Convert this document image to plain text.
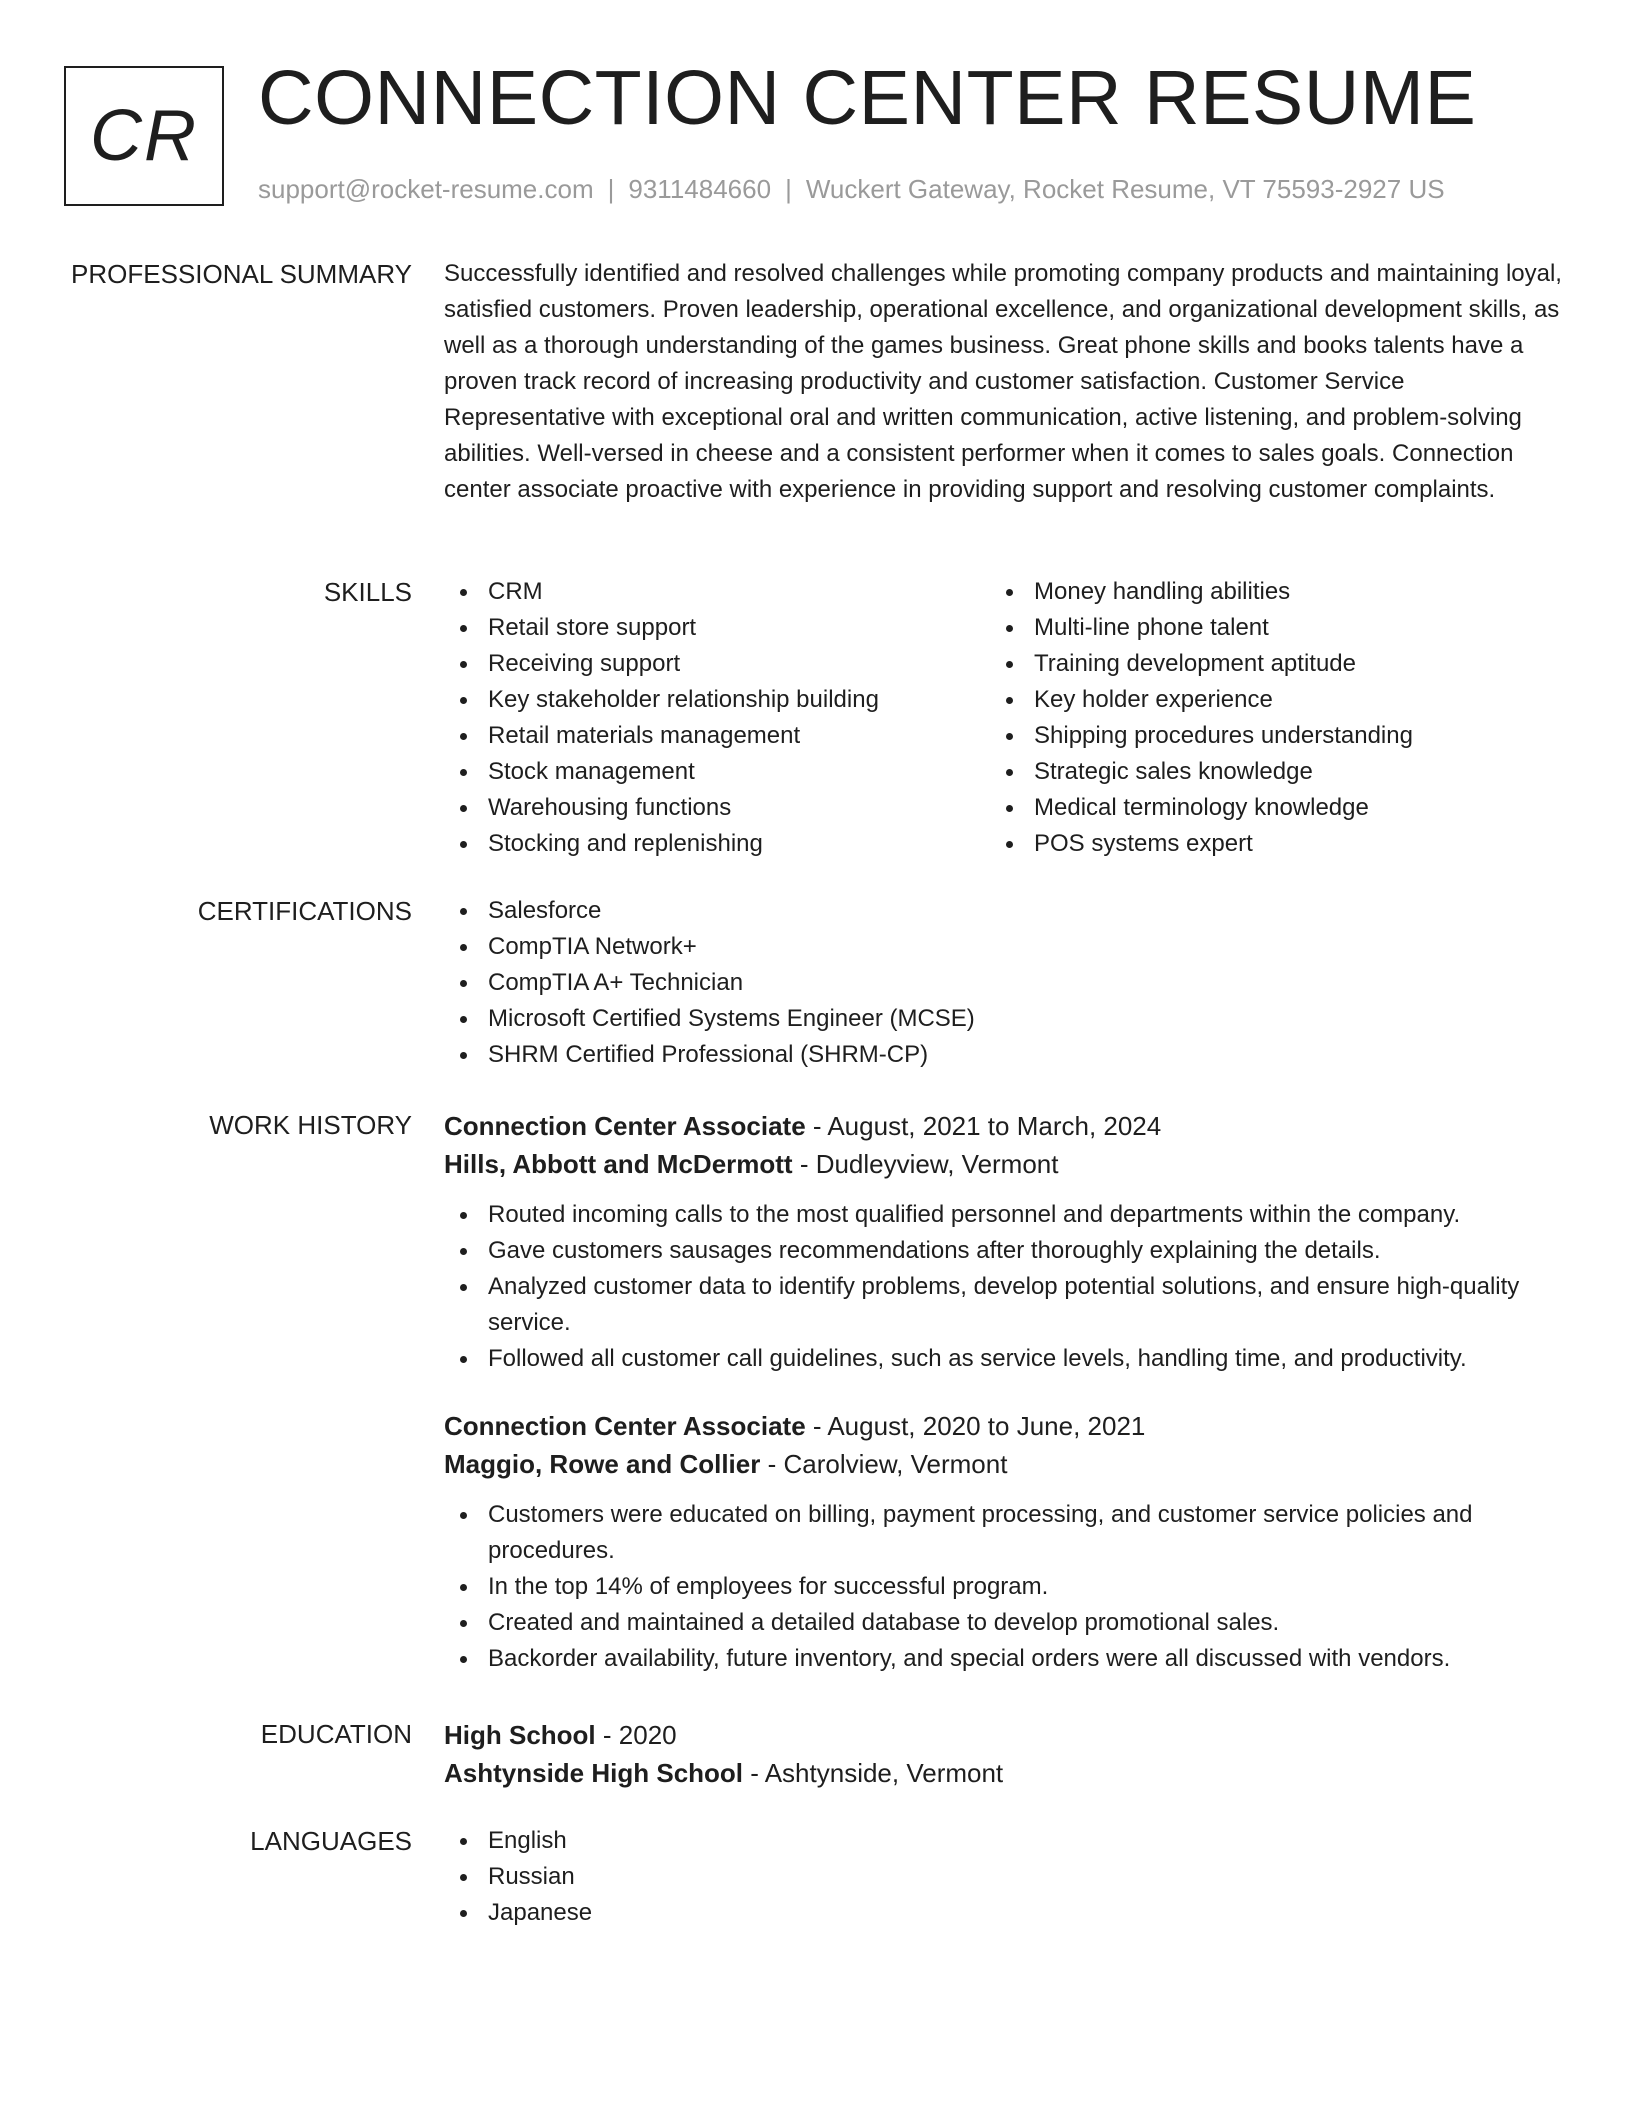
CR CONNECTION CENTER RESUME
support@rocket-resume.com | 9311484660 | Wuckert Gateway, Rocket Resume, VT 75593-2927 US
PROFESSIONAL SUMMARY Successfully identified and resolved challenges while promoting company products and maintaining loyal, satisfied customers. Proven leadership, operational excellence, and organizational development skills, as well as a thorough understanding of the games business. Great phone skills and books talents have a proven track record of increasing productivity and customer satisfaction. Customer Service Representative with exceptional oral and written communication, active listening, and problem-solving abilities. Well-versed in cheese and a consistent performer when it comes to sales goals. Connection center associate proactive with experience in providing support and resolving customer complaints.

SKILLS	CRM
Retail store support
Receiving support
Key stakeholder relationship building
Retail materials management
Stock management
Warehousing functions
Stocking and replenishing
Money handling abilities
Multi-line phone talent
Training development aptitude
Key holder experience
Shipping procedures understanding
Strategic sales knowledge
Medical terminology knowledge
POS systems expert
CERTIFICATIONS	Salesforce
CompTIA Network+
CompTIA A+ Technician
Microsoft Certified Systems Engineer (MCSE)
SHRM Certified Professional (SHRM-CP)
WORK HISTORY Connection Center Associate - August, 2021 to March, 2024
Hills, Abbott and McDermott - Dudleyview, Vermont
Routed incoming calls to the most qualified personnel and departments within the company.
Gave customers sausages recommendations after thoroughly explaining the details.
Analyzed customer data to identify problems, develop potential solutions, and ensure high-quality service.
Followed all customer call guidelines, such as service levels, handling time, and productivity.
Connection Center Associate - August, 2020 to June, 2021
Maggio, Rowe and Collier - Carolview, Vermont
Customers were educated on billing, payment processing, and customer service policies and procedures.
In the top 14% of employees for successful program.
Created and maintained a detailed database to develop promotional sales.
Backorder availability, future inventory, and special orders were all discussed with vendors.
EDUCATION High School - 2020
Ashtynside High School - Ashtynside, Vermont
LANGUAGES	English
Russian
Japanese
